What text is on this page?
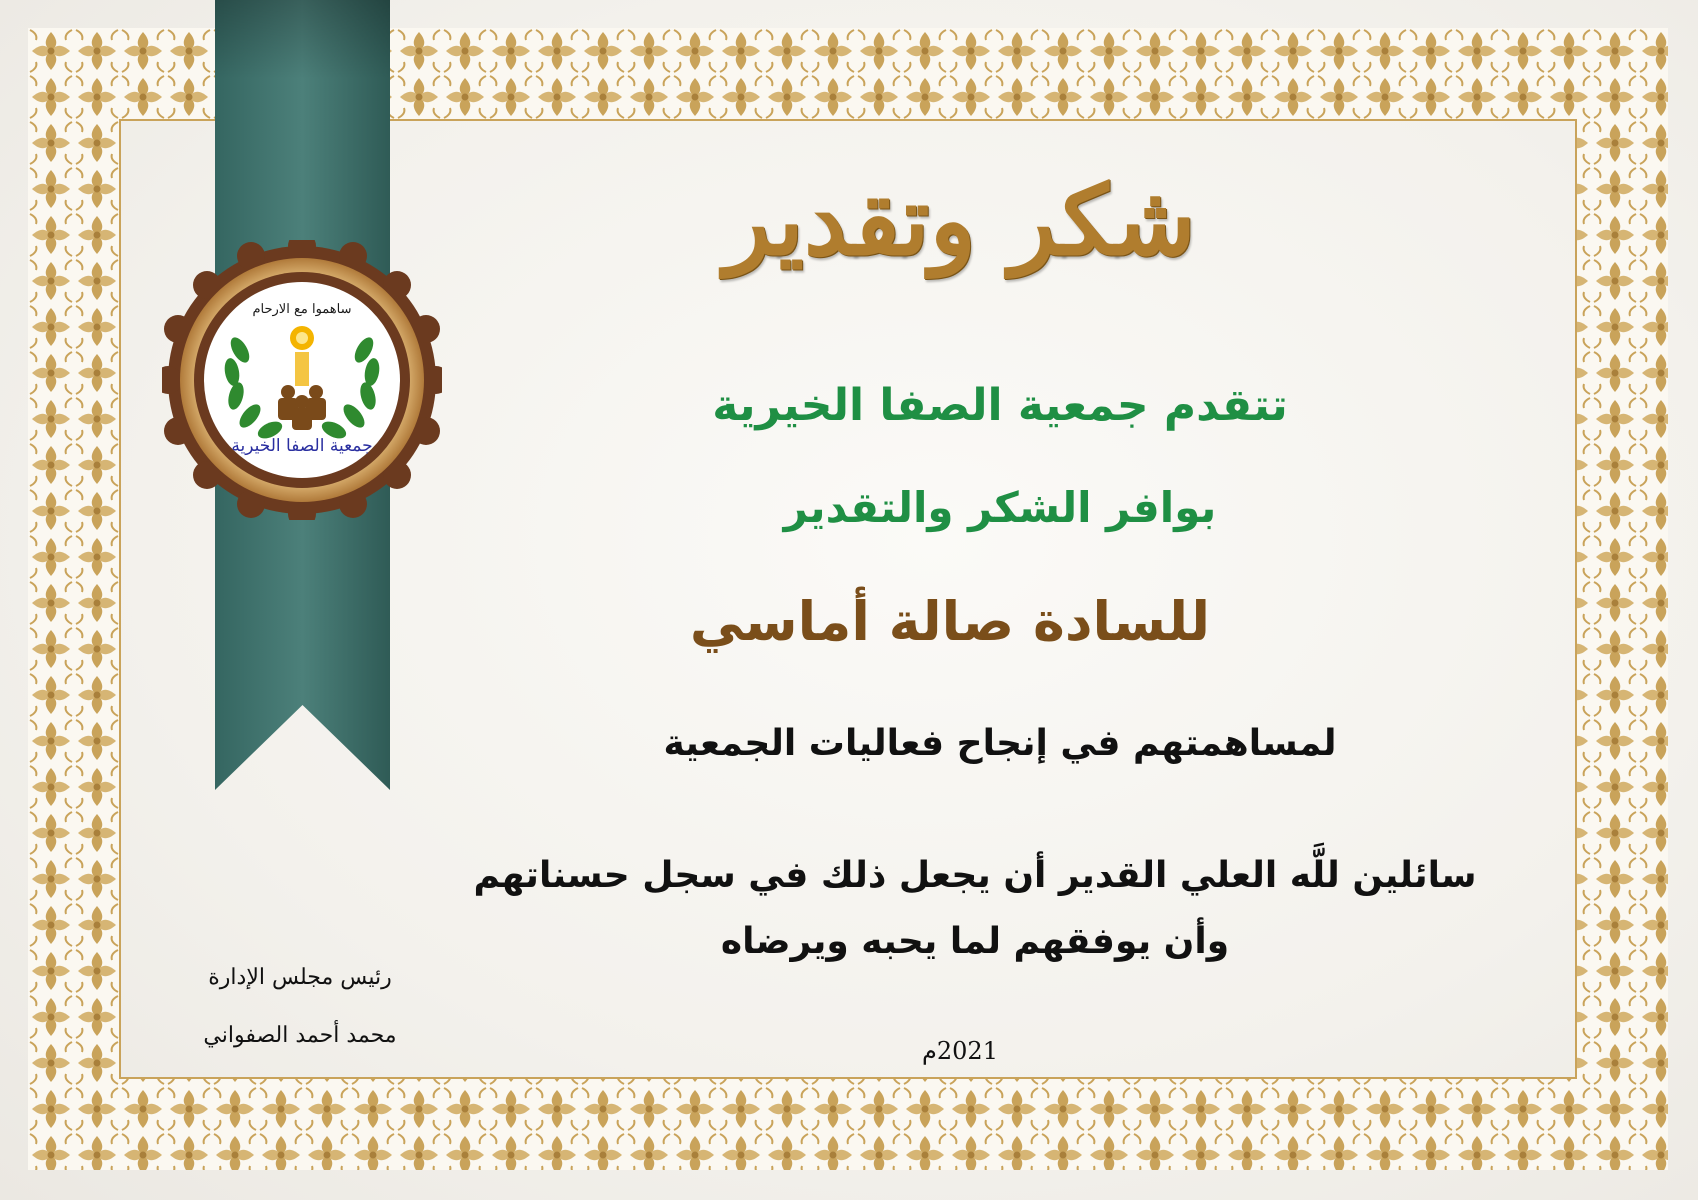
ساهموا مع الارحام
جمعية الصفا الخيرية
شكر وتقدير
تتقدم جمعية الصفا الخيرية
بوافر الشكر والتقدير
للسادة صالة أماسي
لمساهمتهم في إنجاح فعاليات الجمعية
سائلين للَّه العلي القدير أن يجعل ذلك في سجل حسناتهم
وأن يوفقهم لما يحبه ويرضاه
رئيس مجلس الإدارة
محمد أحمد الصفواني
2021م
